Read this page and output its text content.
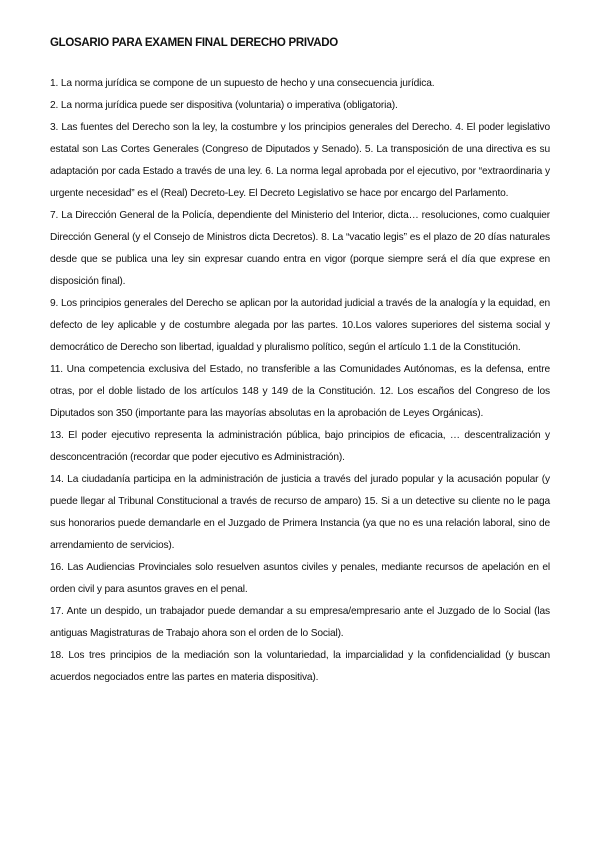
GLOSARIO PARA EXAMEN FINAL DERECHO PRIVADO

1. La norma jurídica se compone de un supuesto de hecho y una consecuencia jurídica.

2. La norma jurídica puede ser dispositiva (voluntaria) o imperativa (obligatoria).

3. Las fuentes del Derecho son la ley, la costumbre y los principios generales del Derecho. 4. El poder legislativo estatal son Las Cortes Generales (Congreso de Diputados y Senado). 5. La transposición de una directiva es su adaptación por cada Estado a través de una ley. 6. La norma legal aprobada por el ejecutivo, por “extraordinaria y urgente necesidad” es el (Real) Decreto-Ley. El Decreto Legislativo se hace por encargo del Parlamento.

7. La Dirección General de la Policía, dependiente del Ministerio del Interior, dicta… resoluciones, como cualquier Dirección General (y el Consejo de Ministros dicta Decretos). 8. La “vacatio legis” es el plazo de 20 días naturales desde que se publica una ley sin expresar cuando entra en vigor (porque siempre será el día que exprese en disposición final).

9. Los principios generales del Derecho se aplican por la autoridad judicial a través de la analogía y la equidad, en defecto de ley aplicable y de costumbre alegada por las partes. 10.Los valores superiores del sistema social y democrático de Derecho son libertad, igualdad y pluralismo político, según el artículo 1.1 de la Constitución.

11. Una competencia exclusiva del Estado, no transferible a las Comunidades Autónomas, es la defensa, entre otras, por el doble listado de los artículos 148 y 149 de la Constitución. 12. Los escaños del Congreso de los Diputados son 350 (importante para las mayorías absolutas en la aprobación de Leyes Orgánicas).

13. El poder ejecutivo representa la administración pública, bajo principios de eficacia, … descentralización y desconcentración (recordar que poder ejecutivo es Administración).

14. La ciudadanía participa en la administración de justicia a través del jurado popular y la acusación popular (y puede llegar al Tribunal Constitucional a través de recurso de amparo) 15. Si a un detective su cliente no le paga sus honorarios puede demandarle en el Juzgado de Primera Instancia (ya que no es una relación laboral, sino de arrendamiento de servicios).

16. Las Audiencias Provinciales solo resuelven asuntos civiles y penales, mediante recursos de apelación en el orden civil y para asuntos graves en el penal.

17. Ante un despido, un trabajador puede demandar a su empresa/empresario ante el Juzgado de lo Social (las antiguas Magistraturas de Trabajo ahora son el orden de lo Social).

18. Los tres principios de la mediación son la voluntariedad, la imparcialidad y la confidencialidad (y buscan acuerdos negociados entre las partes en materia dispositiva).
